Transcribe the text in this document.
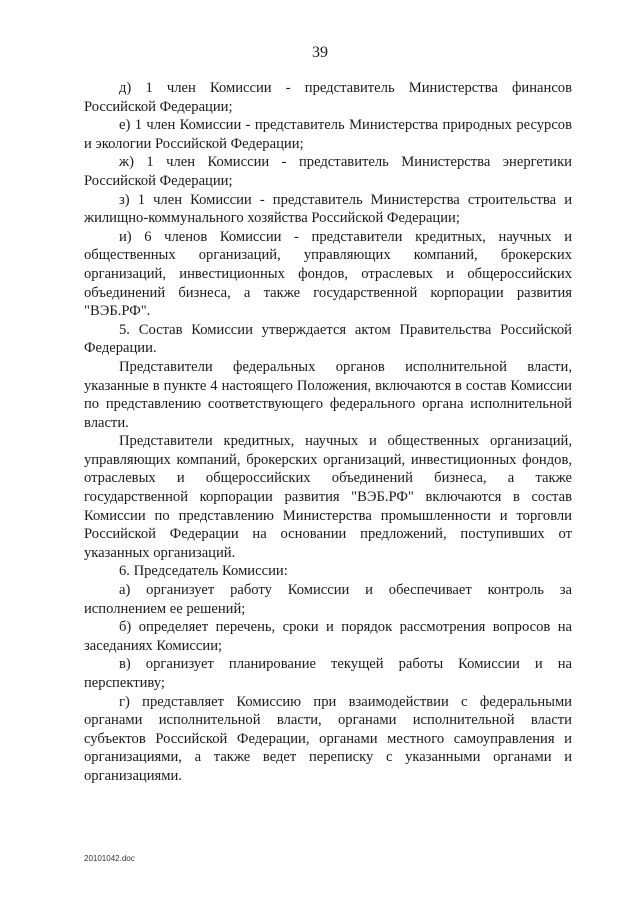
39

д) 1 член Комиссии - представитель Министерства финансов Российской Федерации;

е) 1 член Комиссии - представитель Министерства природных ресурсов и экологии Российской Федерации;

ж) 1 член Комиссии - представитель Министерства энергетики Российской Федерации;

з) 1 член Комиссии - представитель Министерства строительства и жилищно-коммунального хозяйства Российской Федерации;

и) 6 членов Комиссии - представители кредитных, научных и общественных организаций, управляющих компаний, брокерских организаций, инвестиционных фондов, отраслевых и общероссийских объединений бизнеса, а также государственной корпорации развития "ВЭБ.РФ".

5. Состав Комиссии утверждается актом Правительства Российской Федерации.

Представители федеральных органов исполнительной власти, указанные в пункте 4 настоящего Положения, включаются в состав Комиссии по представлению соответствующего федерального органа исполнительной власти.

Представители кредитных, научных и общественных организаций, управляющих компаний, брокерских организаций, инвестиционных фондов, отраслевых и общероссийских объединений бизнеса, а также государственной корпорации развития "ВЭБ.РФ" включаются в состав Комиссии по представлению Министерства промышленности и торговли Российской Федерации на основании предложений, поступивших от указанных организаций.

6. Председатель Комиссии:

а) организует работу Комиссии и обеспечивает контроль за исполнением ее решений;

б) определяет перечень, сроки и порядок рассмотрения вопросов на заседаниях Комиссии;

в) организует планирование текущей работы Комиссии и на перспективу;

г) представляет Комиссию при взаимодействии с федеральными органами исполнительной власти, органами исполнительной власти субъектов Российской Федерации, органами местного самоуправления и организациями, а также ведет переписку с указанными органами и организациями.

20101042.doc
